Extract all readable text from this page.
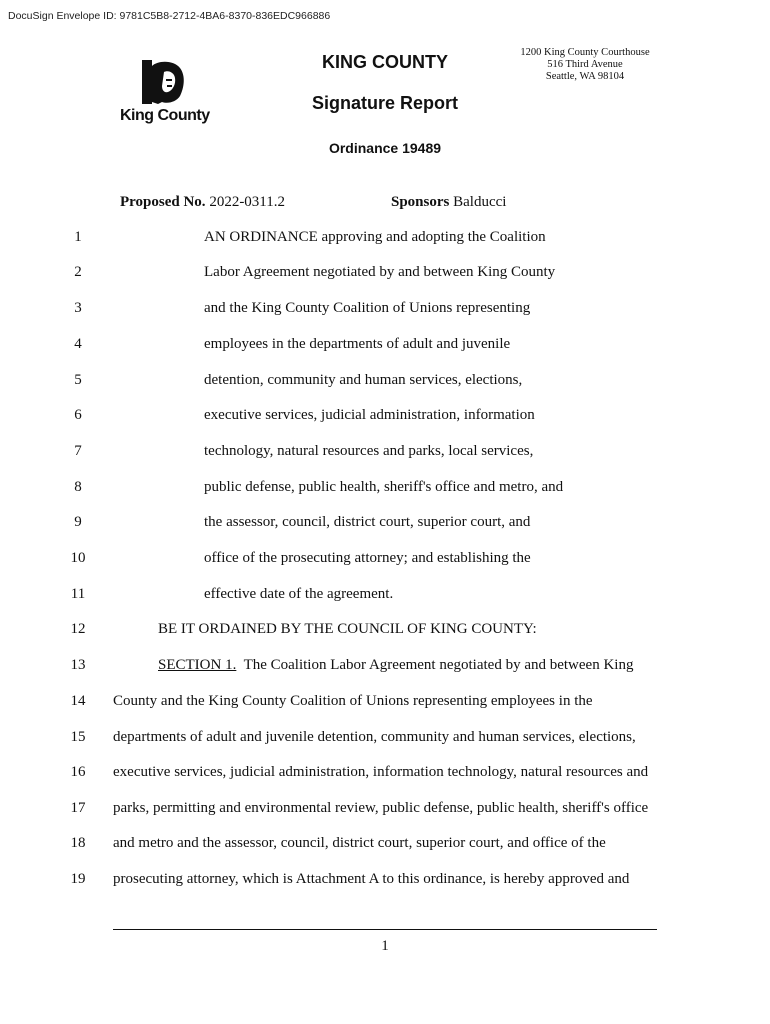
DocuSign Envelope ID: 9781C5B8-2712-4BA6-8370-836EDC966886
King County
KING COUNTY
Signature Report
Ordinance 19489
1200 King County Courthouse
516 Third Avenue
Seattle, WA 98104
Proposed No. 2022-0311.2	Sponsors Balducci
1	AN ORDINANCE approving and adopting the Coalition
2	Labor Agreement negotiated by and between King County
3	and the King County Coalition of Unions representing
4	employees in the departments of adult and juvenile
5	detention, community and human services, elections,
6	executive services, judicial administration, information
7	technology, natural resources and parks, local services,
8	public defense, public health, sheriff's office and metro, and
9	the assessor, council, district court, superior court, and
10	office of the prosecuting attorney; and establishing the
11	effective date of the agreement.
12	BE IT ORDAINED BY THE COUNCIL OF KING COUNTY:
13	SECTION 1.  The Coalition Labor Agreement negotiated by and between King
14	County and the King County Coalition of Unions representing employees in the
15	departments of adult and juvenile detention, community and human services, elections,
16	executive services, judicial administration, information technology, natural resources and
17	parks, permitting and environmental review, public defense, public health, sheriff's office
18	and metro and the assessor, council, district court, superior court, and office of the
19	prosecuting attorney, which is Attachment A to this ordinance, is hereby approved and
1
